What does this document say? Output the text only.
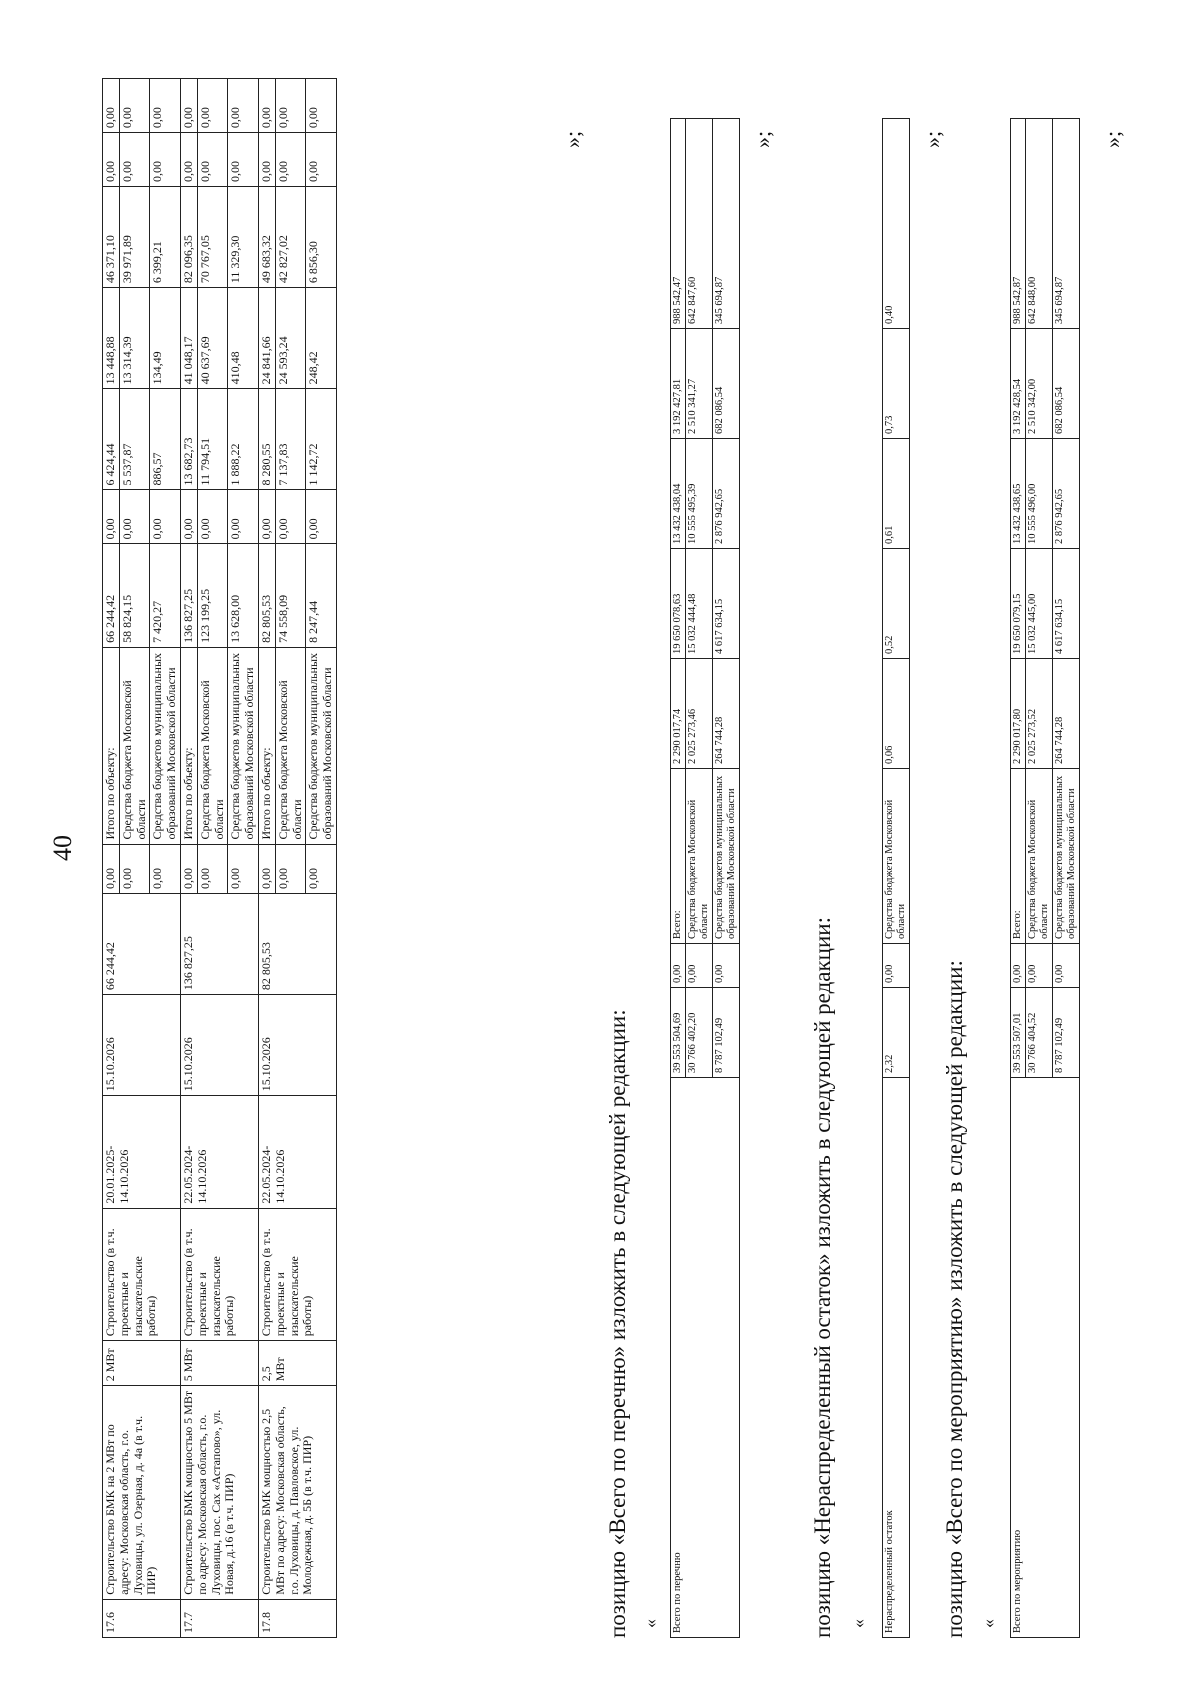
40
17.6	Строительство БМК на 2 МВт по адресу: Московская область, г.о. Луховицы, ул. Озерная, д. 4а (в т.ч. ПИР)	2 МВт	Строительство (в т.ч. проектные и изыскательские работы)	20.01.2025-14.10.2026	15.10.2026	66 244,42	0,00	Итого по объекту:	66 244,42	0,00	6 424,44	13 448,88	46 371,10	0,00	0,00
							0,00	Средства бюджета Московской области	58 824,15	0,00	5 537,87	13 314,39	39 971,89	0,00	0,00
							0,00	Средства бюджетов муниципальных образований Московской области	7 420,27	0,00	886,57	134,49	6 399,21	0,00	0,00
17.7	Строительство БМК мощностью 5 МВт по адресу: Московская область, г.о. Луховицы, пос. Сах «Астапово», ул. Новая, д.16 (в т.ч. ПИР)	5 МВт	Строительство (в т.ч. проектные и изыскательские работы)	22.05.2024-14.10.2026	15.10.2026	136 827,25	0,00	Итого по объекту:	136 827,25	0,00	13 682,73	41 048,17	82 096,35	0,00	0,00
							0,00	Средства бюджета Московской области	123 199,25	0,00	11 794,51	40 637,69	70 767,05	0,00	0,00
							0,00	Средства бюджетов муниципальных образований Московской области	13 628,00	0,00	1 888,22	410,48	11 329,30	0,00	0,00
17.8	Строительство БМК мощностью 2,5 МВт по адресу: Московская область, г.о. Луховицы, д. Павловское, ул. Молодежная, д. 5Б (в т.ч. ПИР)	2,5 МВт	Строительство (в т.ч. проектные и изыскательские работы)	22.05.2024-14.10.2026	15.10.2026	82 805,53	0,00	Итого по объекту:	82 805,53	0,00	8 280,55	24 841,66	49 683,32	0,00	0,00
							0,00	Средства бюджета Московской области	74 558,09	0,00	7 137,83	24 593,24	42 827,02	0,00	0,00
							0,00	Средства бюджетов муниципальных образований Московской области	8 247,44	0,00	1 142,72	248,42	6 856,30	0,00	0,00
»;
позицию «Всего по перечню» изложить в следующей редакции: « Всего по перечню	39 553 504,69	0,00	Всего:	2 290 017,74	19 650 078,63	13 432 438,04	3 192 427,81	988 542,47
	30 766 402,20	0,00	Средства бюджета Московской области	2 025 273,46	15 032 444,48	10 555 495,39	2 510 341,27	642 847,60
	8 787 102,49	0,00	Средства бюджетов муниципальных образований Московской области	264 744,28	4 617 634,15	2 876 942,65	682 086,54	345 694,87
»;
позицию «Нераспределенный остаток» изложить в следующей редакции: « Нераспределенный остаток	2,32	0,00	Средства бюджета Московской области	0,06	0,52	0,61	0,73	0,40
»;
позицию «Всего по мероприятию» изложить в следующей редакции: « Всего по мероприятию	39 553 507,01	0,00	Всего:	2 290 017,80	19 650 079,15	13 432 438,65	3 192 428,54	988 542,87
	30 766 404,52	0,00	Средства бюджета Московской области	2 025 273,52	15 032 445,00	10 555 496,00	2 510 342,00	642 848,00
	8 787 102,49	0,00	Средства бюджетов муниципальных образований Московской области	264 744,28	4 617 634,15	2 876 942,65	682 086,54	345 694,87
»;
